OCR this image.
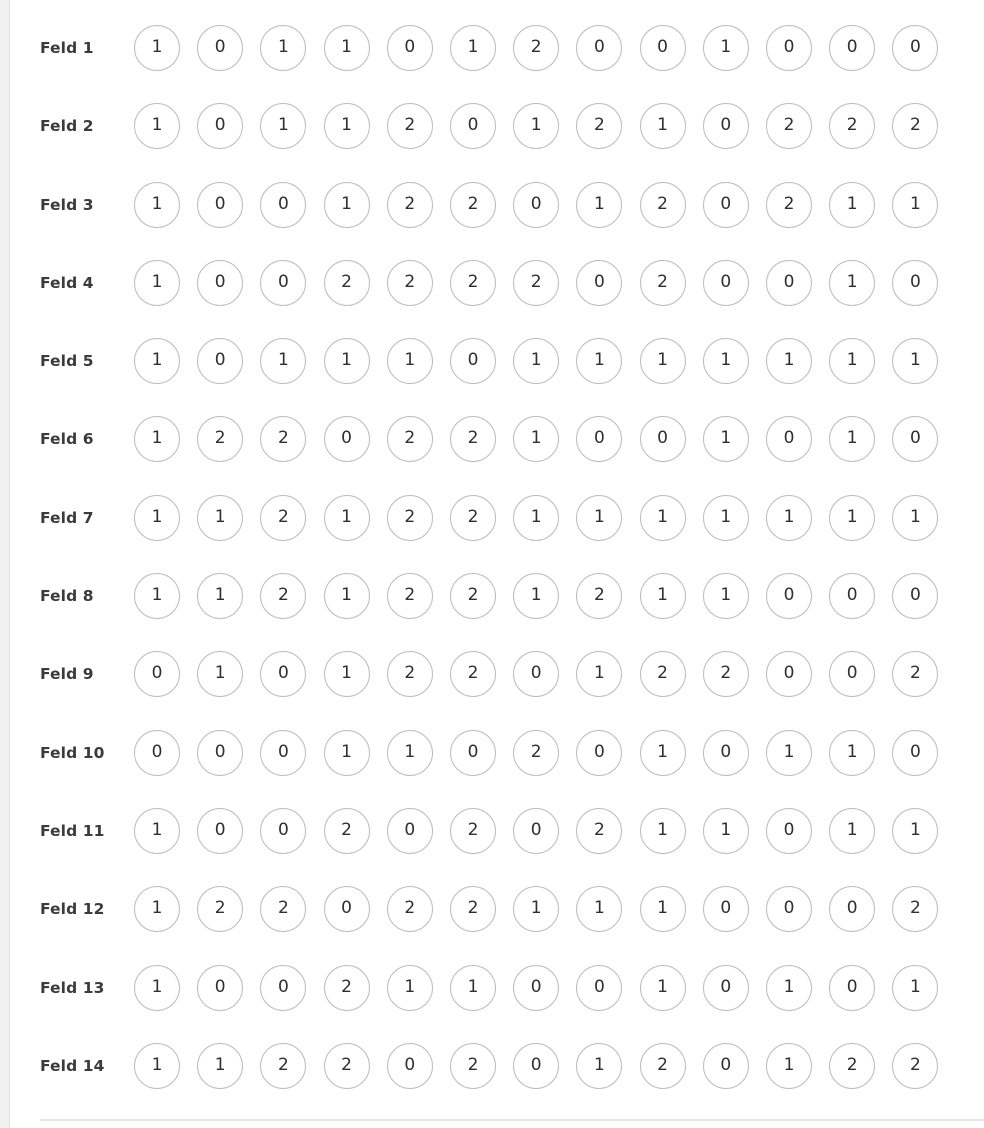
Feld 1	1	0	1	1	0	1	2	0	0	1	0	0	0
Feld 2	1	0	1	1	2	0	1	2	1	0	2	2	2
Feld 3	1	0	0	1	2	2	0	1	2	0	2	1	1
Feld 4	1	0	0	2	2	2	2	0	2	0	0	1	0
Feld 5	1	0	1	1	1	0	1	1	1	1	1	1	1
Feld 6	1	2	2	0	2	2	1	0	0	1	0	1	0
Feld 7	1	1	2	1	2	2	1	1	1	1	1	1	1
Feld 8	1	1	2	1	2	2	1	2	1	1	0	0	0
Feld 9	0	1	0	1	2	2	0	1	2	2	0	0	2
Feld 10	0	0	0	1	1	0	2	0	1	0	1	1	0
Feld 11	1	0	0	2	0	2	0	2	1	1	0	1	1
Feld 12	1	2	2	0	2	2	1	1	1	0	0	0	2
Feld 13	1	0	0	2	1	1	0	0	1	0	1	0	1
Feld 14	1	1	2	2	0	2	0	1	2	0	1	2	2
